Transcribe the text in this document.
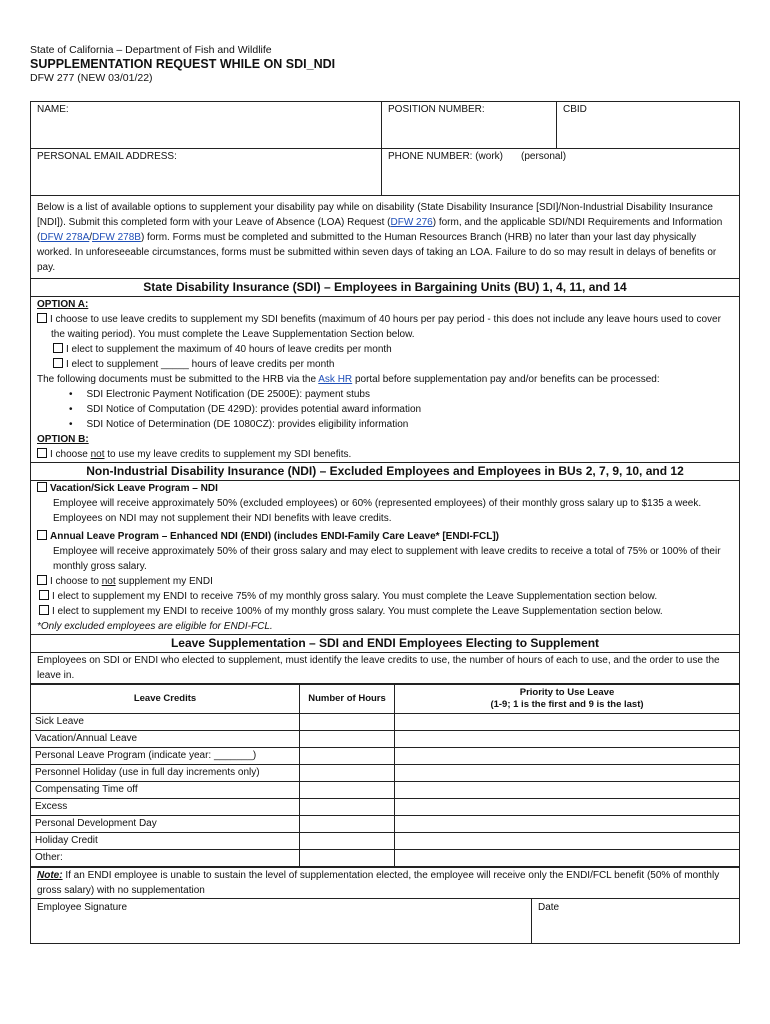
State of California – Department of Fish and Wildlife

SUPPLEMENTATION REQUEST WHILE ON SDI_NDI

DFW 277 (NEW 03/01/22)

NAME:	POSITION NUMBER:	CBID
PERSONAL EMAIL ADDRESS:	PHONE NUMBER: (work) (personal)	
Below is a list of available options to supplement your disability pay while on disability (State Disability Insurance [SDI]/Non-Industrial Disability Insurance [NDI]). Submit this completed form with your Leave of Absence (LOA) Request (DFW 276) form, and the applicable SDI/NDI Requirements and Information (DFW 278A/DFW 278B) form. Forms must be completed and submitted to the Human Resources Branch (HRB) no later than your last day physically worked. In unforeseeable circumstances, forms must be submitted within seven days of taking an LOA. Failure to do so may result in delays of benefits or pay.
State Disability Insurance (SDI) – Employees in Bargaining Units (BU) 1, 4, 11, and 14
OPTION A:
I choose to use leave credits to supplement my SDI benefits (maximum of 40 hours per pay period - this does not include any leave hours used to cover the waiting period). You must complete the Leave Supplementation Section below.
I elect to supplement the maximum of 40 hours of leave credits per month
I elect to supplement _____ hours of leave credits per month
The following documents must be submitted to the HRB via the Ask HR portal before supplementation pay and/or benefits can be processed:
• SDI Electronic Payment Notification (DE 2500E): payment stubs
• SDI Notice of Computation (DE 429D): provides potential award information
• SDI Notice of Determination (DE 1080CZ): provides eligibility information
OPTION B:
I choose not to use my leave credits to supplement my SDI benefits.
Non-Industrial Disability Insurance (NDI) – Excluded Employees and Employees in BUs 2, 7, 9, 10, and 12
Vacation/Sick Leave Program – NDI
Employee will receive approximately 50% (excluded employees) or 60% (represented employees) of their monthly gross salary up to $135 a week. Employees on NDI may not supplement their NDI benefits with leave credits.
Annual Leave Program – Enhanced NDI (ENDI) (includes ENDI-Family Care Leave* [ENDI-FCL])
Employee will receive approximately 50% of their gross salary and may elect to supplement with leave credits to receive a total of 75% or 100% of their monthly gross salary.
I choose to not supplement my ENDI
I elect to supplement my ENDI to receive 75% of my monthly gross salary. You must complete the Leave Supplementation section below.
I elect to supplement my ENDI to receive 100% of my monthly gross salary. You must complete the Leave Supplementation section below.
*Only excluded employees are eligible for ENDI-FCL.
Leave Supplementation – SDI and ENDI Employees Electing to Supplement
Employees on SDI or ENDI who elected to supplement, must identify the leave credits to use, the number of hours of each to use, and the order to use the leave in.
Leave Credits	Number of Hours	Priority to Use Leave
(1-9; 1 is the first and 9 is the last)
Sick Leave		
Vacation/Annual Leave		
Personal Leave Program (indicate year: _______)		
Personnel Holiday (use in full day increments only)		
Compensating Time off		
Excess		
Personal Development Day		
Holiday Credit		
Other:		
Note: If an ENDI employee is unable to sustain the level of supplementation elected, the employee will receive only the ENDI/FCL benefit (50% of monthly gross salary) with no supplementation
Employee Signature	Date
